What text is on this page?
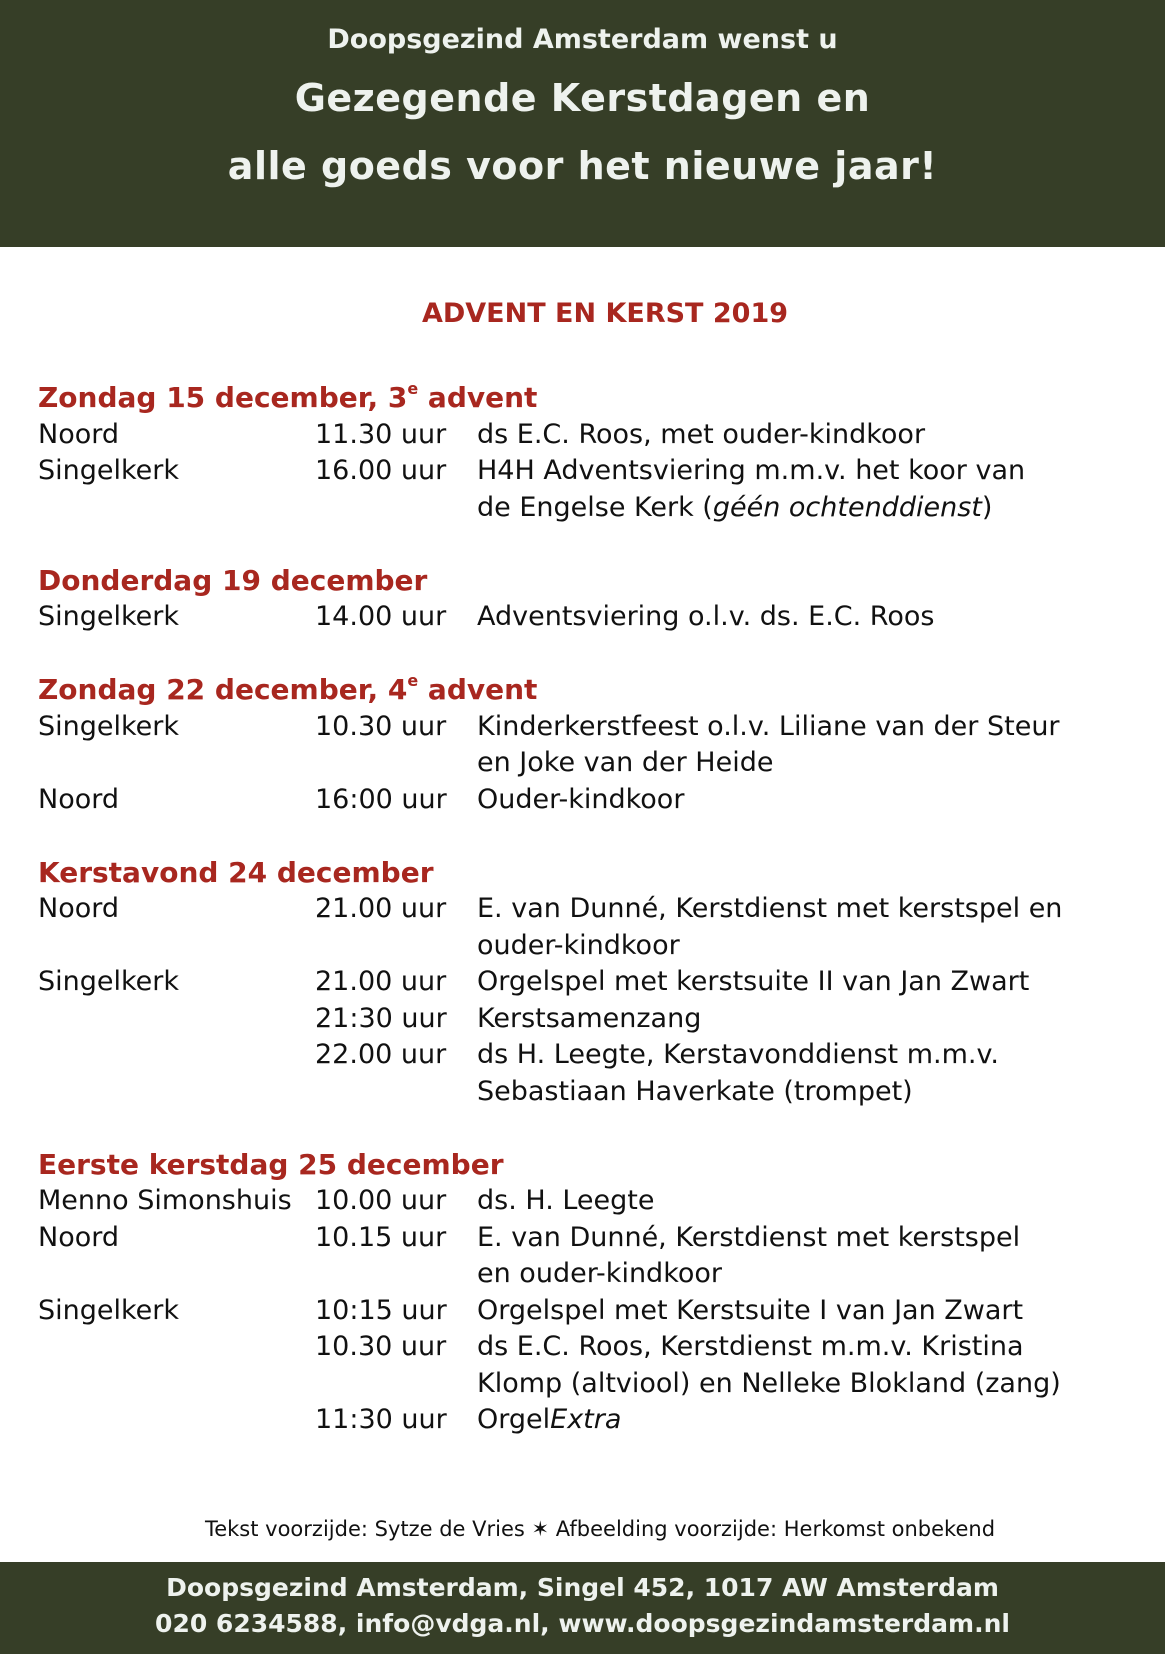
Doopsgezind Amsterdam wenst u
Gezegende Kerstdagen en
alle goeds voor het nieuwe jaar!
ADVENT EN KERST 2019
Zondag 15 december, 3e advent
Noord	11.30 uur	ds E.C. Roos, met ouder-kindkoor
Singelkerk	16.00 uur	H4H Adventsviering m.m.v. het koor van
de Engelse Kerk (géén ochtenddienst)
Donderdag 19 december
Singelkerk	14.00 uur	Adventsviering o.l.v. ds. E.C. Roos
Zondag 22 december, 4e advent
Singelkerk	10.30 uur	Kinderkerstfeest o.l.v. Liliane van der Steur
en Joke van der Heide
Noord	16:00 uur	Ouder-kindkoor
Kerstavond 24 december
Noord	21.00 uur	E. van Dunné, Kerstdienst met kerstspel en
ouder-kindkoor
Singelkerk	21.00 uur	Orgelspel met kerstsuite II van Jan Zwart
21:30 uur	Kerstsamenzang
22.00 uur	ds H. Leegte, Kerstavonddienst m.m.v.
Sebastiaan Haverkate (trompet)
Eerste kerstdag 25 december
Menno Simonshuis 10.00 uur	ds. H. Leegte
Noord	10.15 uur	E. van Dunné, Kerstdienst met kerstspel
en ouder-kindkoor
Singelkerk	10:15 uur	Orgelspel met Kerstsuite I van Jan Zwart
10.30 uur	ds E.C. Roos, Kerstdienst m.m.v. Kristina
Klomp (altviool) en Nelleke Blokland (zang)
11:30 uur	OrgelExtra
Tekst voorzijde: Sytze de Vries ✶ Afbeelding voorzijde: Herkomst onbekend
Doopsgezind Amsterdam, Singel 452, 1017 AW Amsterdam
020 6234588, info@vdga.nl, www.doopsgezindamsterdam.nl
